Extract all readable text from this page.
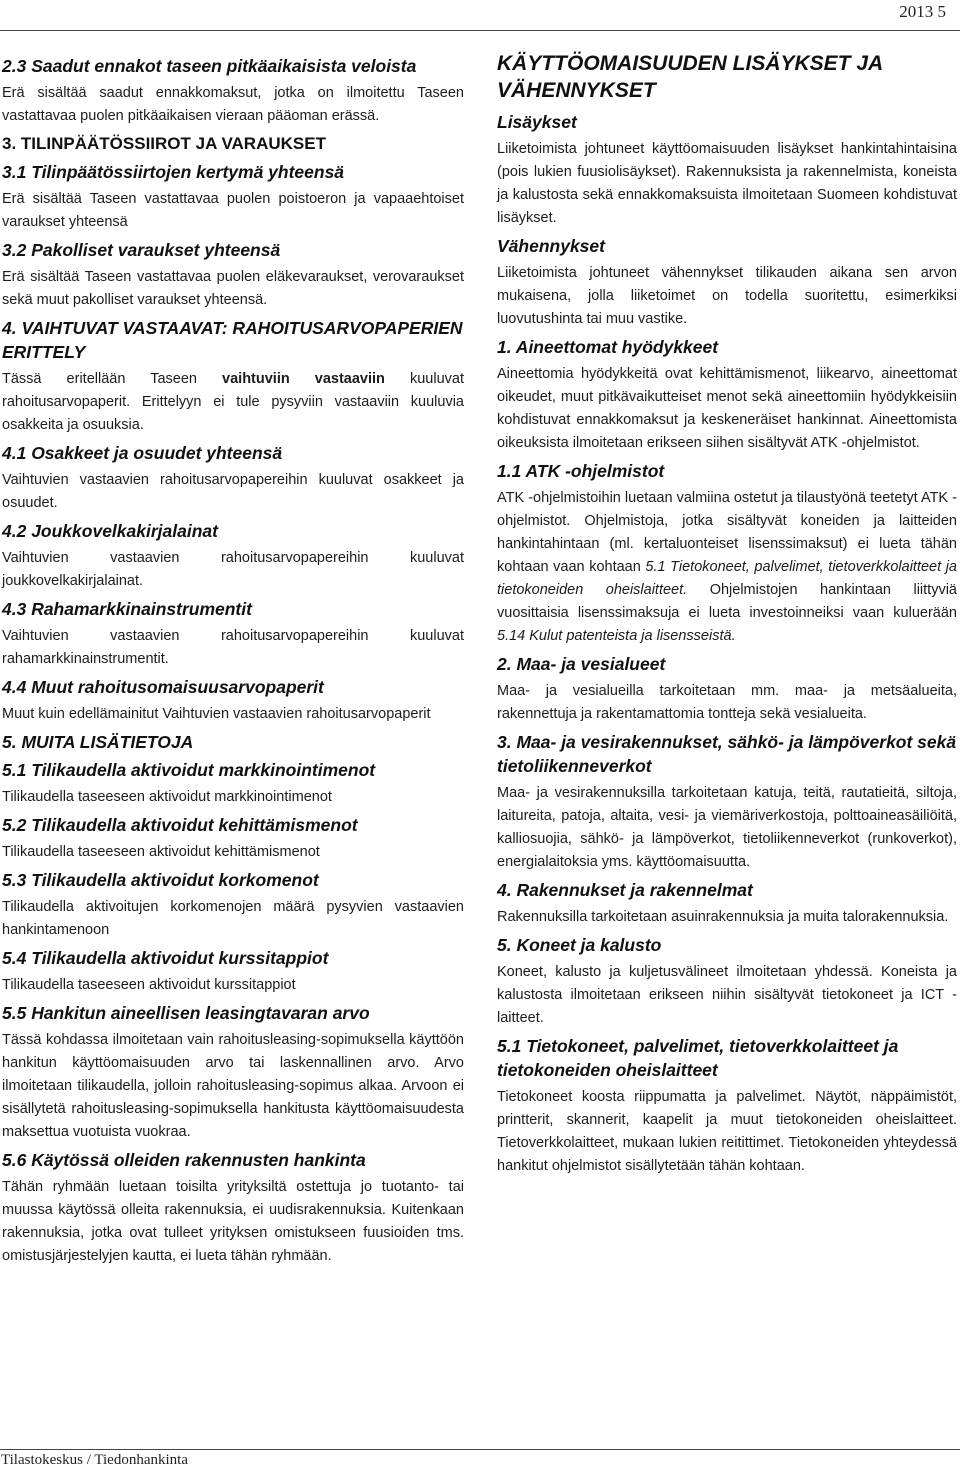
2013 5
2.3 Saadut ennakot taseen pitkäaikaisista veloista
Erä sisältää saadut ennakkomaksut, jotka on ilmoitettu Taseen vastattavaa puolen pitkäaikaisen vieraan pääoman erässä.
3. TILINPÄÄTÖSSIIROT JA VARAUKSET
3.1 Tilinpäätössiirtojen kertymä yhteensä
Erä sisältää Taseen vastattavaa puolen poistoeron ja vapaaehtoiset varaukset yhteensä
3.2 Pakolliset varaukset yhteensä
Erä sisältää Taseen vastattavaa puolen eläkevaraukset, verovaraukset sekä muut pakolliset varaukset yhteensä.
4. VAIHTUVAT VASTAAVAT: RAHOITUSARVOPAPERIEN ERITTELY
Tässä eritellään Taseen vaihtuviin vastaaviin kuuluvat rahoitusarvopaperit. Erittelyyn ei tule pysyviin vastaaviin kuuluvia osakkeita ja osuuksia.
4.1 Osakkeet ja osuudet yhteensä
Vaihtuvien vastaavien rahoitusarvopapereihin kuuluvat osakkeet ja osuudet.
4.2 Joukkovelkakirjalainat
Vaihtuvien vastaavien rahoitusarvopapereihin kuuluvat joukkovelkakirjalainat.
4.3 Rahamarkkinainstrumentit
Vaihtuvien vastaavien rahoitusarvopapereihin kuuluvat rahamarkkinainstrumentit.
4.4 Muut rahoitusomaisuusarvopaperit
Muut kuin edellämainitut Vaihtuvien vastaavien rahoitusarvopaperit
5. MUITA LISÄTIETOJA
5.1 Tilikaudella aktivoidut markkinointimenot
Tilikaudella taseeseen aktivoidut markkinointimenot
5.2 Tilikaudella aktivoidut kehittämismenot
Tilikaudella taseeseen aktivoidut kehittämismenot
5.3 Tilikaudella aktivoidut korkomenot
Tilikaudella aktivoitujen korkomenojen määrä pysyvien vastaavien hankintamenoon
5.4 Tilikaudella aktivoidut kurssitappiot
Tilikaudella taseeseen aktivoidut kurssitappiot
5.5 Hankitun aineellisen leasingtavaran arvo
Tässä kohdassa ilmoitetaan vain rahoitusleasing-sopimuksella käyttöön hankitun käyttöomaisuuden arvo tai laskennallinen arvo. Arvo ilmoitetaan tilikaudella, jolloin rahoitusleasing-sopimus alkaa. Arvoon ei sisällytetä rahoitusleasing-sopimuksella hankitusta käyttöomaisuudesta maksettua vuotuista vuokraa.
5.6 Käytössä olleiden rakennusten hankinta
Tähän ryhmään luetaan toisilta yrityksiltä ostettuja jo tuotanto- tai muussa käytössä olleita rakennuksia, ei uudisrakennuksia. Kuitenkaan rakennuksia, jotka ovat tulleet yrityksen omistukseen fuusioiden tms. omistusjärjestelyjen kautta, ei lueta tähän ryhmään.
KÄYTTÖOMAISUUDEN LISÄYKSET JA VÄHENNYKSET
Lisäykset
Liiketoimista johtuneet käyttöomaisuuden lisäykset hankintahintaisina (pois lukien fuusiolisäykset). Rakennuksista ja rakennelmista, koneista ja kalustosta sekä ennakkomaksuista ilmoitetaan Suomeen kohdistuvat lisäykset.
Vähennykset
Liiketoimista johtuneet vähennykset tilikauden aikana sen arvon mukaisena, jolla liiketoimet on todella suoritettu, esimerkiksi luovutushinta tai muu vastike.
1. Aineettomat hyödykkeet
Aineettomia hyödykkeitä ovat kehittämismenot, liikearvo, aineettomat oikeudet, muut pitkävaikutteiset menot sekä aineettomiin hyödykkeisiin kohdistuvat ennakkomaksut ja keskeneräiset hankinnat. Aineettomista oikeuksista ilmoitetaan erikseen siihen sisältyvät ATK -ohjelmistot.
1.1 ATK -ohjelmistot
ATK -ohjelmistoihin luetaan valmiina ostetut ja tilaustyönä teetetyt ATK -ohjelmistot. Ohjelmistoja, jotka sisältyvät koneiden ja laitteiden hankintahintaan (ml. kertaluonteiset lisenssimaksut) ei lueta tähän kohtaan vaan kohtaan 5.1 Tietokoneet, palvelimet, tietoverkkolaitteet ja tietokoneiden oheislaitteet. Ohjelmistojen hankintaan liittyviä vuosittaisia lisenssimaksuja ei lueta investoinneiksi vaan kuluerään 5.14 Kulut patenteista ja lisensseistä.
2. Maa- ja vesialueet
Maa- ja vesialueilla tarkoitetaan mm. maa- ja metsäalueita, rakennettuja ja rakentamattomia tontteja sekä vesialueita.
3. Maa- ja vesirakennukset, sähkö- ja lämpöverkot sekä tietoliikenneverkot
Maa- ja vesirakennuksilla tarkoitetaan katuja, teitä, rautatieitä, siltoja, laitureita, patoja, altaita, vesi- ja viemäriverkostoja, polttoaineasäiliöitä, kalliosuojia, sähkö- ja lämpöverkot, tietoliikenneverkot (runkoverkot), energialaitoksia yms. käyttöomaisuutta.
4. Rakennukset ja rakennelmat
Rakennuksilla tarkoitetaan asuinrakennuksia ja muita talorakennuksia.
5. Koneet ja kalusto
Koneet, kalusto ja kuljetusvälineet ilmoitetaan yhdessä. Koneista ja kalustosta ilmoitetaan erikseen niihin sisältyvät tietokoneet ja ICT -laitteet.
5.1 Tietokoneet, palvelimet, tietoverkkolaitteet ja tietokoneiden oheislaitteet
Tietokoneet koosta riippumatta ja palvelimet. Näytöt, näppäimistöt, printterit, skannerit, kaapelit ja muut tietokoneiden oheislaitteet. Tietoverkkolaitteet, mukaan lukien reitittimet. Tietokoneiden yhteydessä hankitut ohjelmistot sisällytetään tähän kohtaan.
Tilastokeskus / Tiedonhankinta
